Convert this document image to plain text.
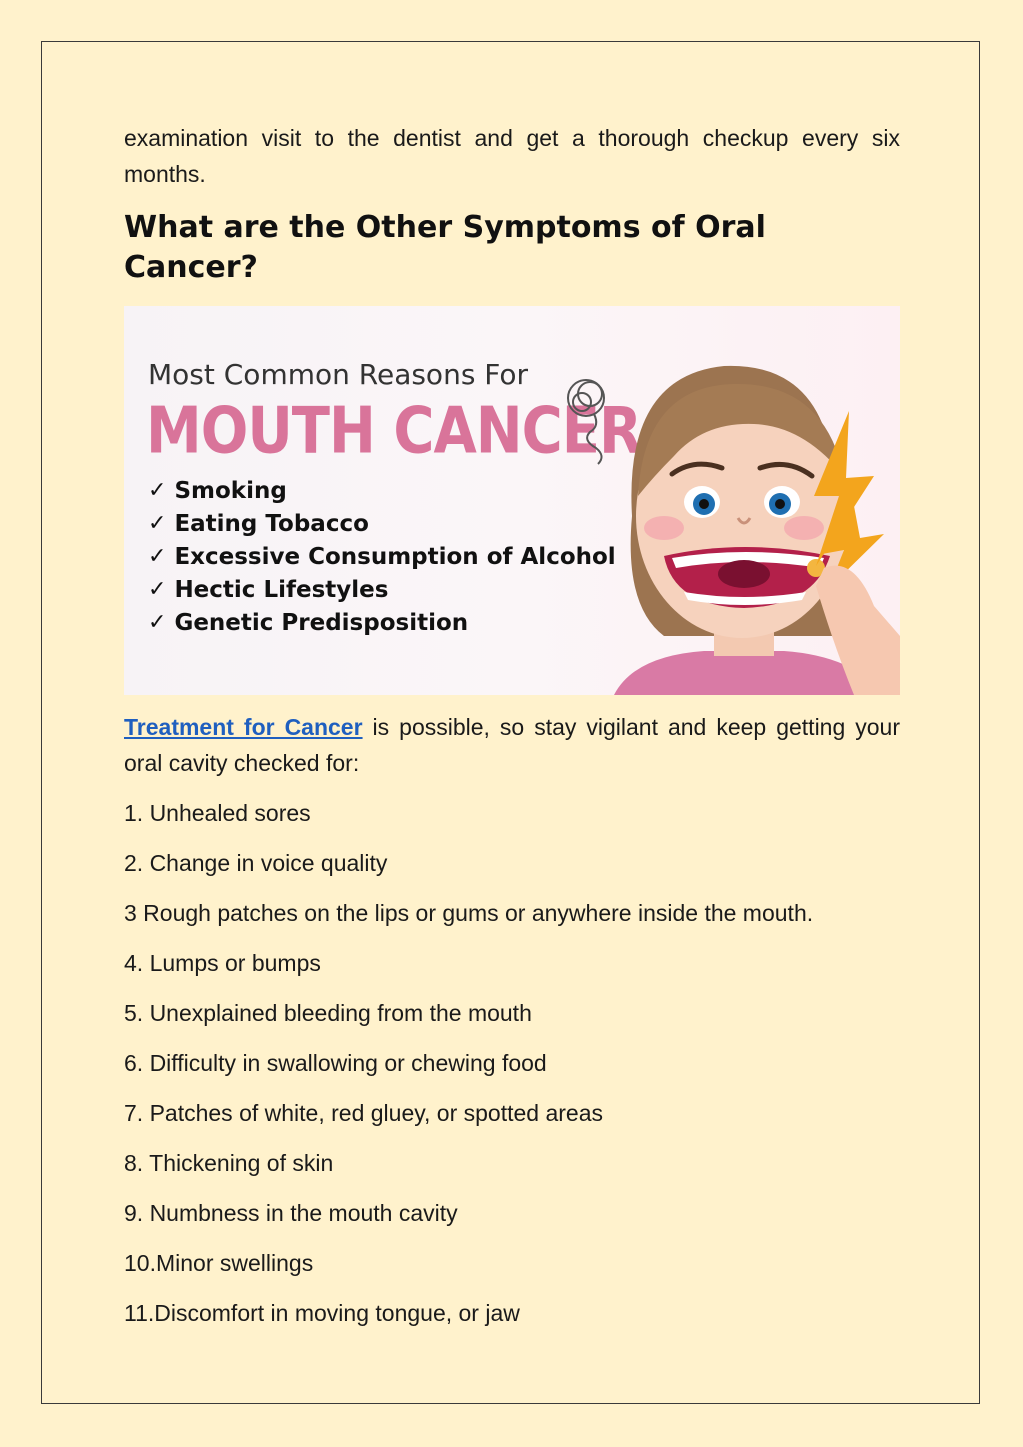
examination visit to the dentist and get a thorough checkup every six months.

What are the Other Symptoms of Oral Cancer?
Most Common Reasons For
MOUTH CANCER
✓ Smoking
✓ Eating Tobacco
✓ Excessive Consumption of Alcohol
✓ Hectic Lifestyles
✓ Genetic Predisposition

Treatment for Cancer is possible, so stay vigilant and keep getting your oral cavity checked for:

1. Unhealed sores

2. Change in voice quality

3 Rough patches on the lips or gums or anywhere inside the mouth.

4. Lumps or bumps

5. Unexplained bleeding from the mouth

6. Difficulty in swallowing or chewing food

7. Patches of white, red gluey, or spotted areas

8. Thickening of skin

9. Numbness in the mouth cavity

10.Minor swellings

11.Discomfort in moving tongue, or jaw
